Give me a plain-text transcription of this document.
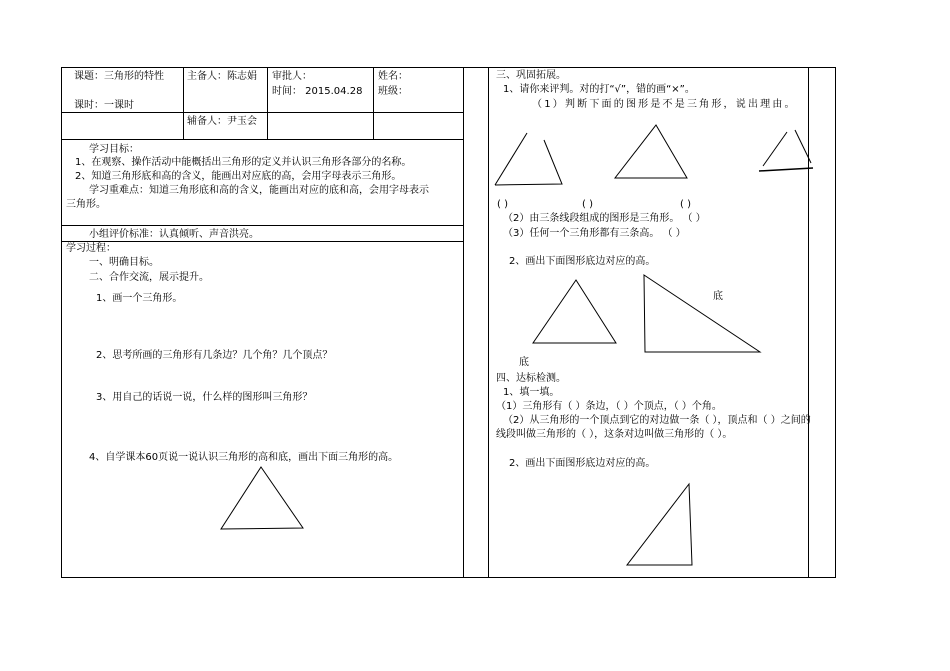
课题：三角形的特性 主备人：陈志娟 审批人：	姓名：
时间： 2015.04.28 班级：
课时：一课时
辅备人：尹玉会
学习目标：
1、在观察、操作活动中能概括出三角形的定义并认识三角形各部分的名称。
2、知道三角形底和高的含义，能画出对应底的高，会用字母表示三角形。
学习重难点：知道三角形底和高的含义，能画出对应的底和高，会用字母表示
三角形。
小组评价标准：认真倾听、声音洪亮。
学习过程：
一、明确目标。
二、合作交流，展示提升。
1、画一个三角形。
2、思考所画的三角形有几条边？几个角？几个顶点？
3、用自己的话说一说，什么样的图形叫三角形？
4、自学课本60页说一说认识三角形的高和底，画出下面三角形的高。
三、巩固拓展。
1、请你来评判。对的打“√”，错的画“×”。
（1）判断下面的图形是不是三角形，说出理由。
( )	( )	( )
（2）由三条线段组成的图形是三角形。 （ ）
（3）任何一个三角形都有三条高。 （ ）
2、画出下面图形底边对应的高。
底
底
四、达标检测。
1、填一填。
（1）三角形有（ ）条边，（ ）个顶点，（ ）个角。
（2）从三角形的一个顶点到它的对边做一条（ ），顶点和（ ）之间的
线段叫做三角形的（ ），这条对边叫做三角形的（ ）。
2、画出下面图形底边对应的高。
